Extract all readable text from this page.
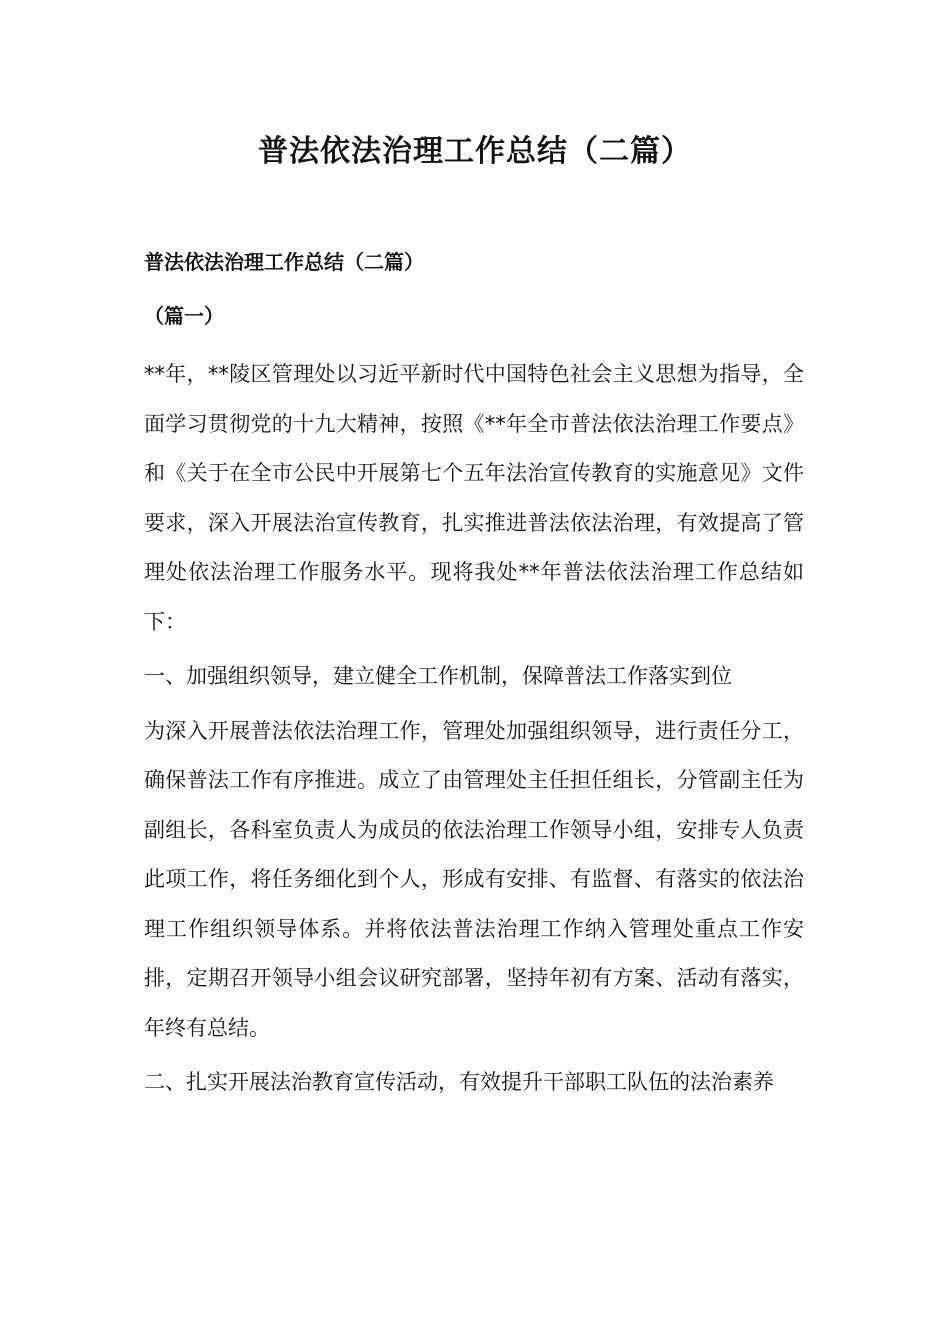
普法依法治理工作总结（二篇）

普法依法治理工作总结（二篇）

（篇一）

**年，**陵区管理处以习近平新时代中国特色社会主义思想为指导，全面学习贯彻党的十九大精神，按照《**年全市普法依法治理工作要点》和《关于在全市公民中开展第七个五年法治宣传教育的实施意见》文件要求，深入开展法治宣传教育，扎实推进普法依法治理，有效提高了管理处依法治理工作服务水平。现将我处**年普法依法治理工作总结如下：

一、加强组织领导，建立健全工作机制，保障普法工作落实到位

为深入开展普法依法治理工作，管理处加强组织领导，进行责任分工，确保普法工作有序推进。成立了由管理处主任担任组长，分管副主任为副组长，各科室负责人为成员的依法治理工作领导小组，安排专人负责此项工作，将任务细化到个人，形成有安排、有监督、有落实的依法治理工作组织领导体系。并将依法普法治理工作纳入管理处重点工作安排，定期召开领导小组会议研究部署，坚持年初有方案、活动有落实，年终有总结。

二、扎实开展法治教育宣传活动，有效提升干部职工队伍的法治素养
